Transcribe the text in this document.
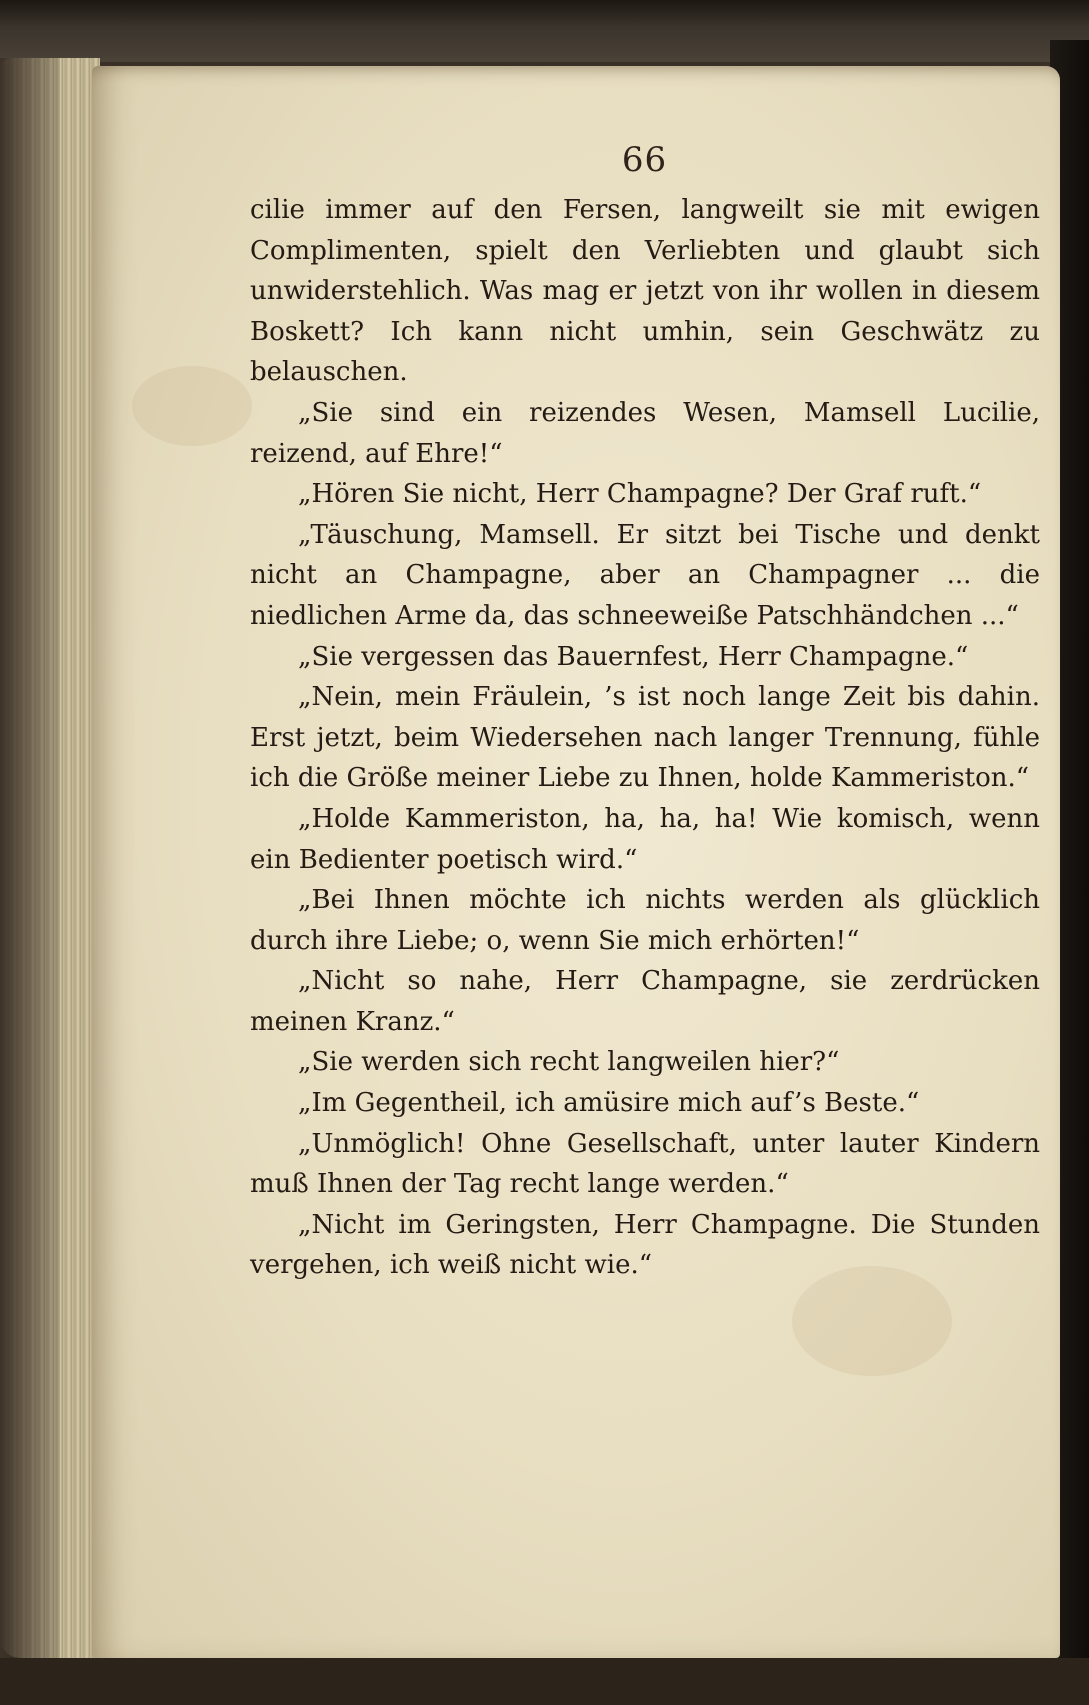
66

cilie immer auf den Fersen, langweilt sie mit ewigen Complimenten, spielt den Verliebten und glaubt sich unwiderstehlich. Was mag er jetzt von ihr wollen in diesem Boskett? Ich kann nicht umhin, sein Geschwätz zu belauschen.

„Sie sind ein reizendes Wesen, Mamsell Lucilie, reizend, auf Ehre!“

„Hören Sie nicht, Herr Champagne? Der Graf ruft.“

„Täuschung, Mamsell. Er sitzt bei Tische und denkt nicht an Champagne, aber an Champagner ... die niedlichen Arme da, das schneeweiße Patschhändchen ...“

„Sie vergessen das Bauernfest, Herr Champagne.“

„Nein, mein Fräulein, ’s ist noch lange Zeit bis dahin. Erst jetzt, beim Wiedersehen nach langer Trennung, fühle ich die Größe meiner Liebe zu Ihnen, holde Kammeriston.“

„Holde Kammeriston, ha, ha, ha! Wie komisch, wenn ein Bedienter poetisch wird.“

„Bei Ihnen möchte ich nichts werden als glücklich durch ihre Liebe; o, wenn Sie mich erhörten!“

„Nicht so nahe, Herr Champagne, sie zerdrücken meinen Kranz.“

„Sie werden sich recht langweilen hier?“

„Im Gegentheil, ich amüsire mich auf’s Beste.“

„Unmöglich! Ohne Gesellschaft, unter lauter Kindern muß Ihnen der Tag recht lange werden.“

„Nicht im Geringsten, Herr Champagne. Die Stunden vergehen, ich weiß nicht wie.“
